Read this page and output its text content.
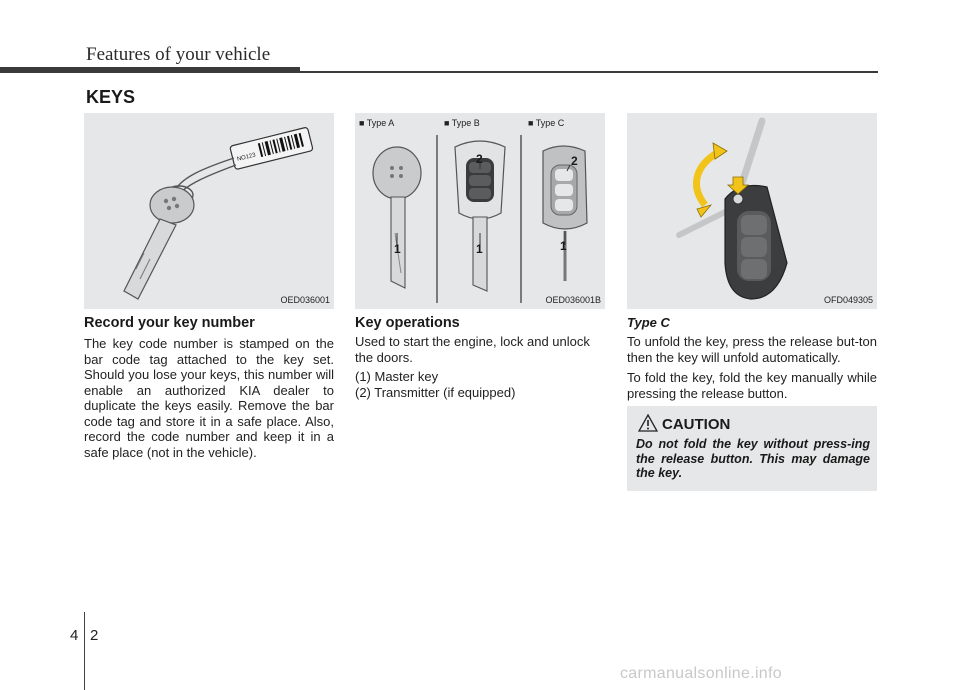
Features of your vehicle
KEYS
NO123
OED036001
■ Type A	■ Type B	■ Type C
1	1	1
2	2
OED036001B	OFD049305
Record your key number
The key code number is stamped on the bar code tag attached to the key set. Should you lose your keys, this number will enable an authorized KIA dealer to duplicate the keys easily. Remove the bar code tag and store it in a safe place. Also, record the code number and keep it in a safe place (not in the vehicle).
Key operations

Used to start the engine, lock and unlock the doors.

(1) Master key
(2) Transmitter (if equipped)
Type C

To unfold the key, press the release but-ton then the key will unfold automatically.

To fold the key, fold the key manually while pressing the release button.

CAUTION
Do not fold the key without press-ing the release button. This may damage the key.
4 2
carmanualsonline.info
